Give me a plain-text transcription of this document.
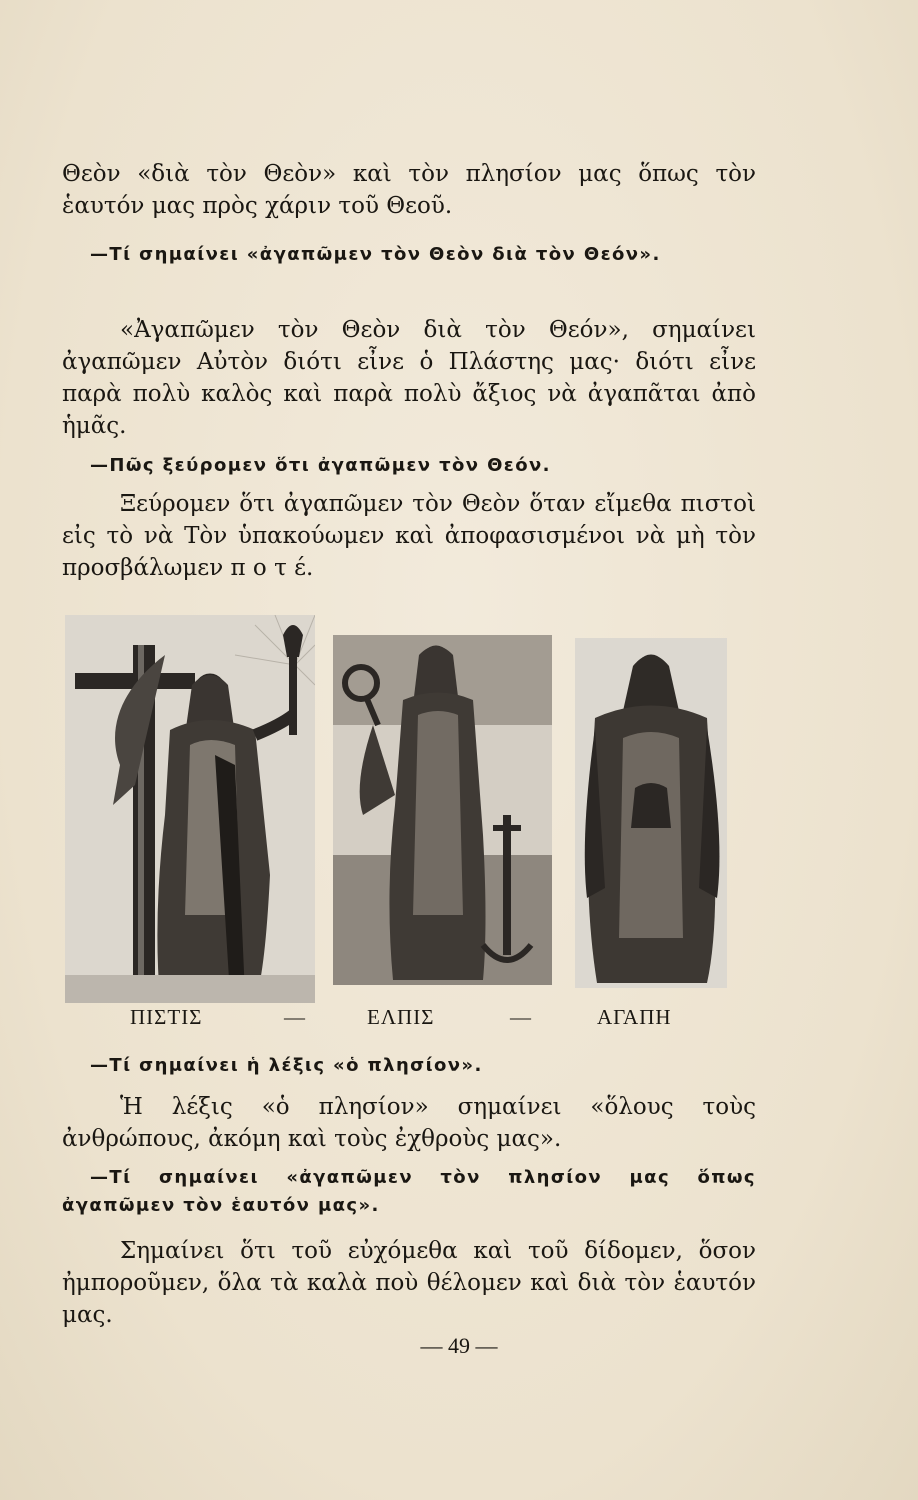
Θεὸν «διὰ τὸν Θεὸν» καὶ τὸν πλησίον μας ὅπως τὸν ἑαυτόν μας πρὸς χάριν τοῦ Θεοῦ.

—Τί σημαίνει «ἀγαπῶμεν τὸν Θεὸν διὰ τὸν Θεόν».

«Ἀγαπῶμεν τὸν Θεὸν διὰ τὸν Θεόν», σημαίνει ἀγαπῶμεν Αὐτὸν διότι εἶνε ὁ Πλάστης μας· διότι εἶνε παρὰ πολὺ καλὸς καὶ παρὰ πολὺ ἄξιος νὰ ἀγαπᾶται ἀπὸ ἡμᾶς.

—Πῶς ξεύρομεν ὅτι ἀγαπῶμεν τὸν Θεόν.

Ξεύρομεν ὅτι ἀγαπῶμεν τὸν Θεὸν ὅταν εἴμεθα πιστοὶ εἰς τὸ νὰ Τὸν ὑπακούωμεν καὶ ἀποφασισμένοι νὰ μὴ τὸν προσβάλωμεν π ο τ έ.

ΠΙΣΤΙΣ	—	ΕΛΠΙΣ	—	ΑΓΑΠΗ

—Τί σημαίνει ἡ λέξις «ὁ πλησίον».

Ἡ λέξις «ὁ πλησίον» σημαίνει «ὅλους τοὺς ἀνθρώπους, ἀκόμη καὶ τοὺς ἐχθροὺς μας».

—Τί σημαίνει «ἀγαπῶμεν τὸν πλησίον μας ὅπως ἀγαπῶμεν τὸν ἑαυτόν μας».

Σημαίνει ὅτι τοῦ εὐχόμεθα καὶ τοῦ δίδομεν, ὅσον ἠμποροῦμεν, ὅλα τὰ καλὰ ποὺ θέλομεν καὶ διὰ τὸν ἑαυτόν μας.

— 49 —
